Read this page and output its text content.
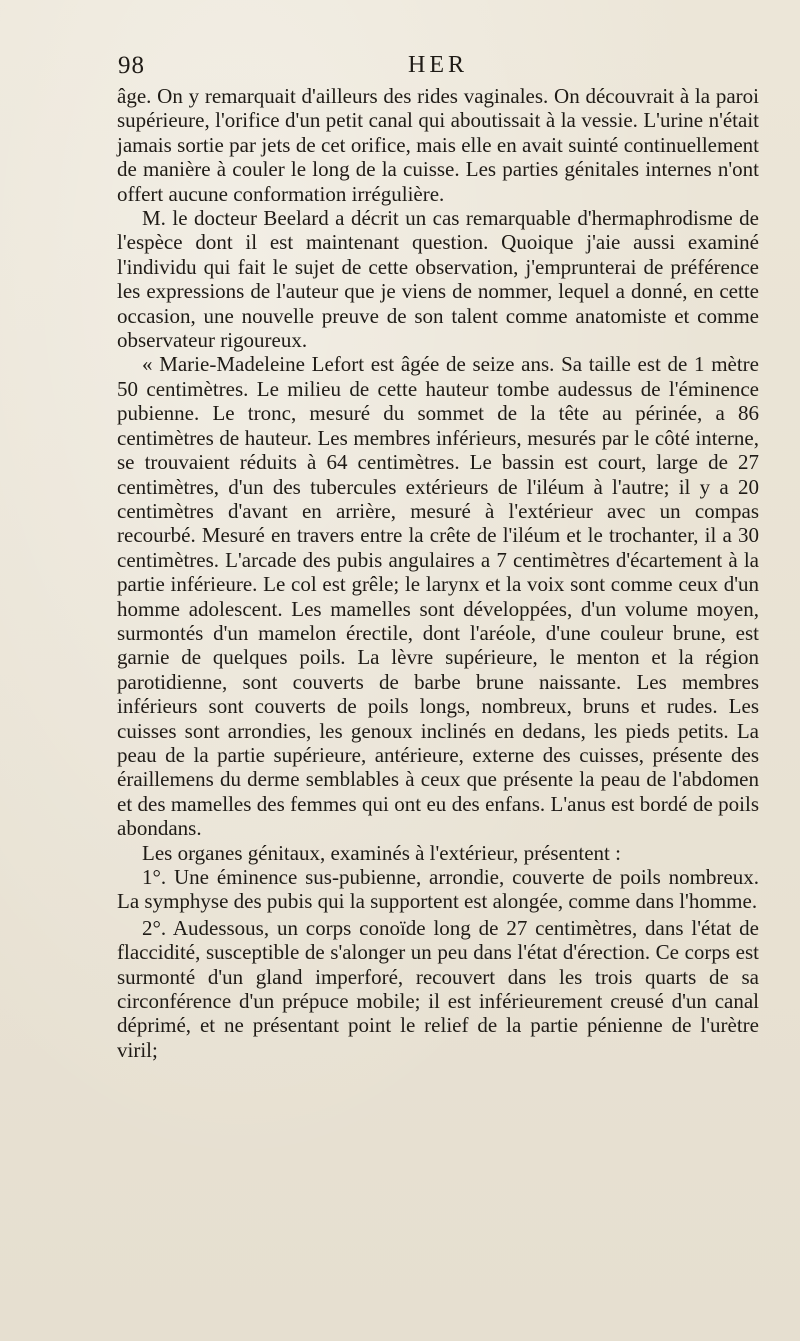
98	HER

âge. On y remarquait d'ailleurs des rides vaginales. On découvrait à la paroi supérieure, l'orifice d'un petit canal qui aboutissait à la vessie. L'urine n'était jamais sortie par jets de cet orifice, mais elle en avait suinté continuellement de manière à couler le long de la cuisse. Les parties génitales internes n'ont offert aucune conformation irrégulière.

M. le docteur Beelard a décrit un cas remarquable d'hermaphrodisme de l'espèce dont il est maintenant question. Quoique j'aie aussi examiné l'individu qui fait le sujet de cette observation, j'emprunterai de préférence les expressions de l'auteur que je viens de nommer, lequel a donné, en cette occasion, une nouvelle preuve de son talent comme anatomiste et comme observateur rigoureux.

« Marie-Madeleine Lefort est âgée de seize ans. Sa taille est de 1 mètre 50 centimètres. Le milieu de cette hauteur tombe audessus de l'éminence pubienne. Le tronc, mesuré du sommet de la tête au périnée, a 86 centimètres de hauteur. Les membres inférieurs, mesurés par le côté interne, se trouvaient réduits à 64 centimètres. Le bassin est court, large de 27 centimètres, d'un des tubercules extérieurs de l'iléum à l'autre; il y a 20 centimètres d'avant en arrière, mesuré à l'extérieur avec un compas recourbé. Mesuré en travers entre la crête de l'iléum et le trochanter, il a 30 centimètres. L'arcade des pubis angulaires a 7 centimètres d'écartement à la partie inférieure. Le col est grêle; le larynx et la voix sont comme ceux d'un homme adolescent. Les mamelles sont développées, d'un volume moyen, surmontés d'un mamelon érectile, dont l'aréole, d'une couleur brune, est garnie de quelques poils. La lèvre supérieure, le menton et la région parotidienne, sont couverts de barbe brune naissante. Les membres inférieurs sont couverts de poils longs, nombreux, bruns et rudes. Les cuisses sont arrondies, les genoux inclinés en dedans, les pieds petits. La peau de la partie supérieure, antérieure, externe des cuisses, présente des éraillemens du derme semblables à ceux que présente la peau de l'abdomen et des mamelles des femmes qui ont eu des enfans. L'anus est bordé de poils abondans.

Les organes génitaux, examinés à l'extérieur, présentent :

1°. Une éminence sus-pubienne, arrondie, couverte de poils nombreux. La symphyse des pubis qui la supportent est alongée, comme dans l'homme.

2°. Audessous, un corps conoïde long de 27 centimètres, dans l'état de flaccidité, susceptible de s'alonger un peu dans l'état d'érection. Ce corps est surmonté d'un gland imperforé, recouvert dans les trois quarts de sa circonférence d'un prépuce mobile; il est inférieurement creusé d'un canal déprimé, et ne présentant point le relief de la partie pénienne de l'urètre viril;
